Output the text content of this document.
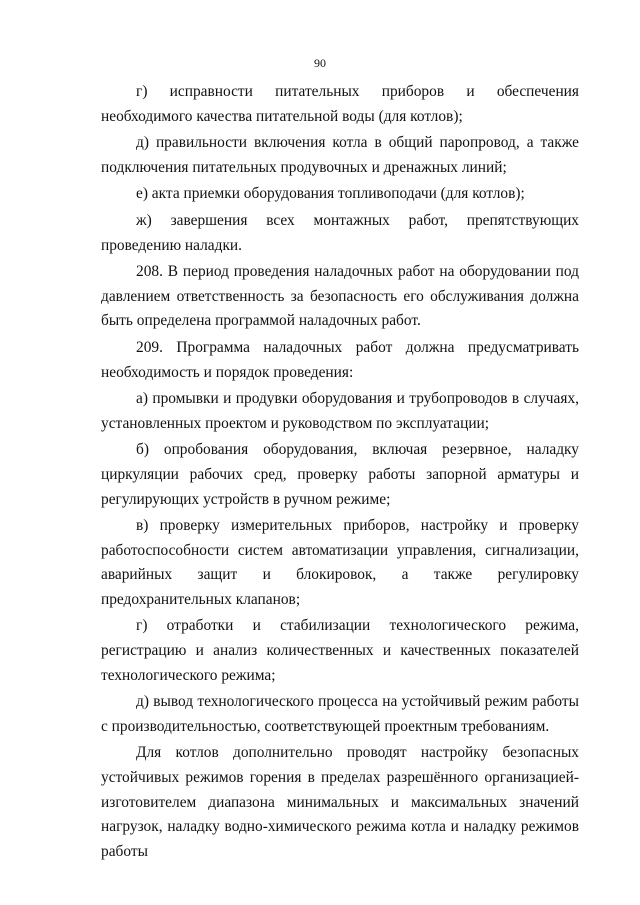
90

г) исправности питательных приборов и обеспечения необходимого качества питательной воды (для котлов);

д) правильности включения котла в общий паропровод, а также подключения питательных продувочных и дренажных линий;

е) акта приемки оборудования топливоподачи (для котлов);

ж) завершения всех монтажных работ, препятствующих проведению наладки.

208. В период проведения наладочных работ на оборудовании под давлением ответственность за безопасность его обслуживания должна быть определена программой наладочных работ.

209. Программа наладочных работ должна предусматривать необходимость и порядок проведения:

а) промывки и продувки оборудования и трубопроводов в случаях, установленных проектом и руководством по эксплуатации;

б) опробования оборудования, включая резервное, наладку циркуляции рабочих сред, проверку работы запорной арматуры и регулирующих устройств в ручном режиме;

в) проверку измерительных приборов, настройку и проверку работоспособности систем автоматизации управления, сигнализации, аварийных защит и блокировок, а также регулировку предохранительных клапанов;

г) отработки и стабилизации технологического режима, регистрацию и анализ количественных и качественных показателей технологического режима;

д) вывод технологического процесса на устойчивый режим работы с производительностью, соответствующей проектным требованиям.

Для котлов дополнительно проводят настройку безопасных устойчивых режимов горения в пределах разрешённого организацией-изготовителем диапазона минимальных и максимальных значений нагрузок, наладку водно-химического режима котла и наладку режимов работы
